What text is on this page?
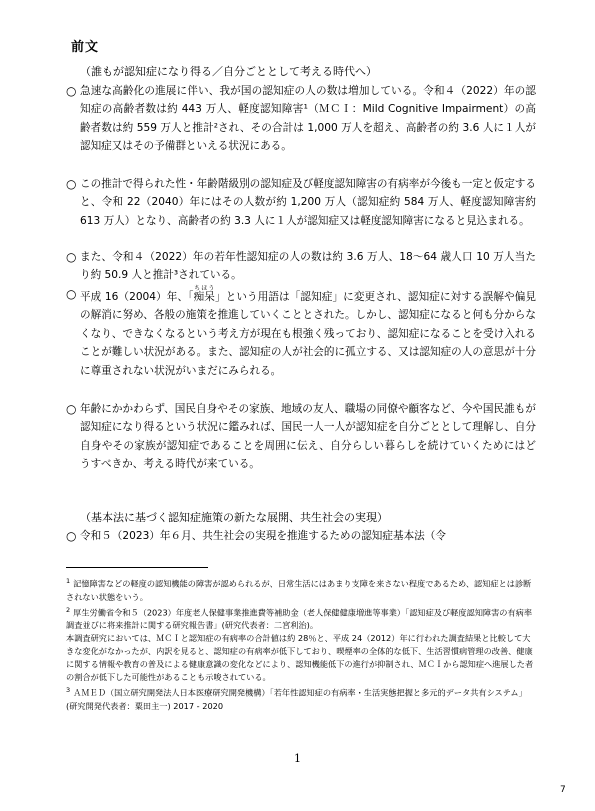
前文
（誰もが認知症になり得る／自分ごととして考える時代へ）
○ 急速な高齢化の進展に伴い、我が国の認知症の人の数は増加している。令和４（2022）年の認知症の高齢者数は約 443 万人、軽度認知障害¹（ＭＣＩ：Mild Cognitive Impairment）の高齢者数は約 559 万人と推計²され、その合計は 1,000 万人を超え、高齢者の約 3.6 人に１人が認知症又はその予備群といえる状況にある。
○ この推計で得られた性・年齢階級別の認知症及び軽度認知障害の有病率が今後も一定と仮定すると、令和 22（2040）年にはその人数が約 1,200 万人（認知症約 584 万人、軽度認知障害約 613 万人）となり、高齢者の約 3.3 人に１人が認知症又は軽度認知障害になると見込まれる。
○ また、令和４（2022）年の若年性認知症の人の数は約 3.6 万人、18～64 歳人口 10 万人当たり約 50.9 人と推計³されている。
○ 平成 16（2004）年、「痴呆ちほう」という用語は「認知症」に変更され、認知症に対する誤解や偏見の解消に努め、各般の施策を推進していくこととされた。しかし、認知症になると何も分からなくなり、できなくなるという考え方が現在も根強く残っており、認知症になることを受け入れることが難しい状況がある。また、認知症の人が社会的に孤立する、又は認知症の人の意思が十分に尊重されない状況がいまだにみられる。
○ 年齢にかかわらず、国民自身やその家族、地域の友人、職場の同僚や顧客など、今や国民誰もが認知症になり得るという状況に鑑みれば、国民一人一人が認知症を自分ごととして理解し、自分自身やその家族が認知症であることを周囲に伝え、自分らしい暮らしを続けていくためにはどうすべきか、考える時代が来ている。
（基本法に基づく認知症施策の新たな展開、共生社会の実現）
○ 令和５（2023）年６月、共生社会の実現を推進するための認知症基本法（令
$^1$ 記憶障害などの軽度の認知機能の障害が認められるが、日常生活にはあまり支障を来さない程度であるため、認知症とは診断されない状態をいう。
$^2$ 厚生労働省令和５（2023）年度老人保健事業推進費等補助金（老人保健健康増進等事業）「認知症及び軽度認知障害の有病率調査並びに将来推計に関する研究報告書」(研究代表者：二宮利治)。
本調査研究においては、ＭＣＩと認知症の有病率の合計値は約 28％と、平成 24（2012）年に行われた調査結果と比較して大きな変化がなかったが、内訳を見ると、認知症の有病率が低下しており、喫煙率の全体的な低下、生活習慣病管理の改善、健康に関する情報や教育の普及による健康意識の変化などにより、認知機能低下の進行が抑制され、ＭＣＩから認知症へ進展した者の割合が低下した可能性があることも示唆されている。
$^3$ ＡＭＥＤ（国立研究開発法人日本医療研究開発機構）「若年性認知症の有病率・生活実態把握と多元的データ共有システム」(研究開発代表者：粟田主一) 2017 - 2020
1
7
